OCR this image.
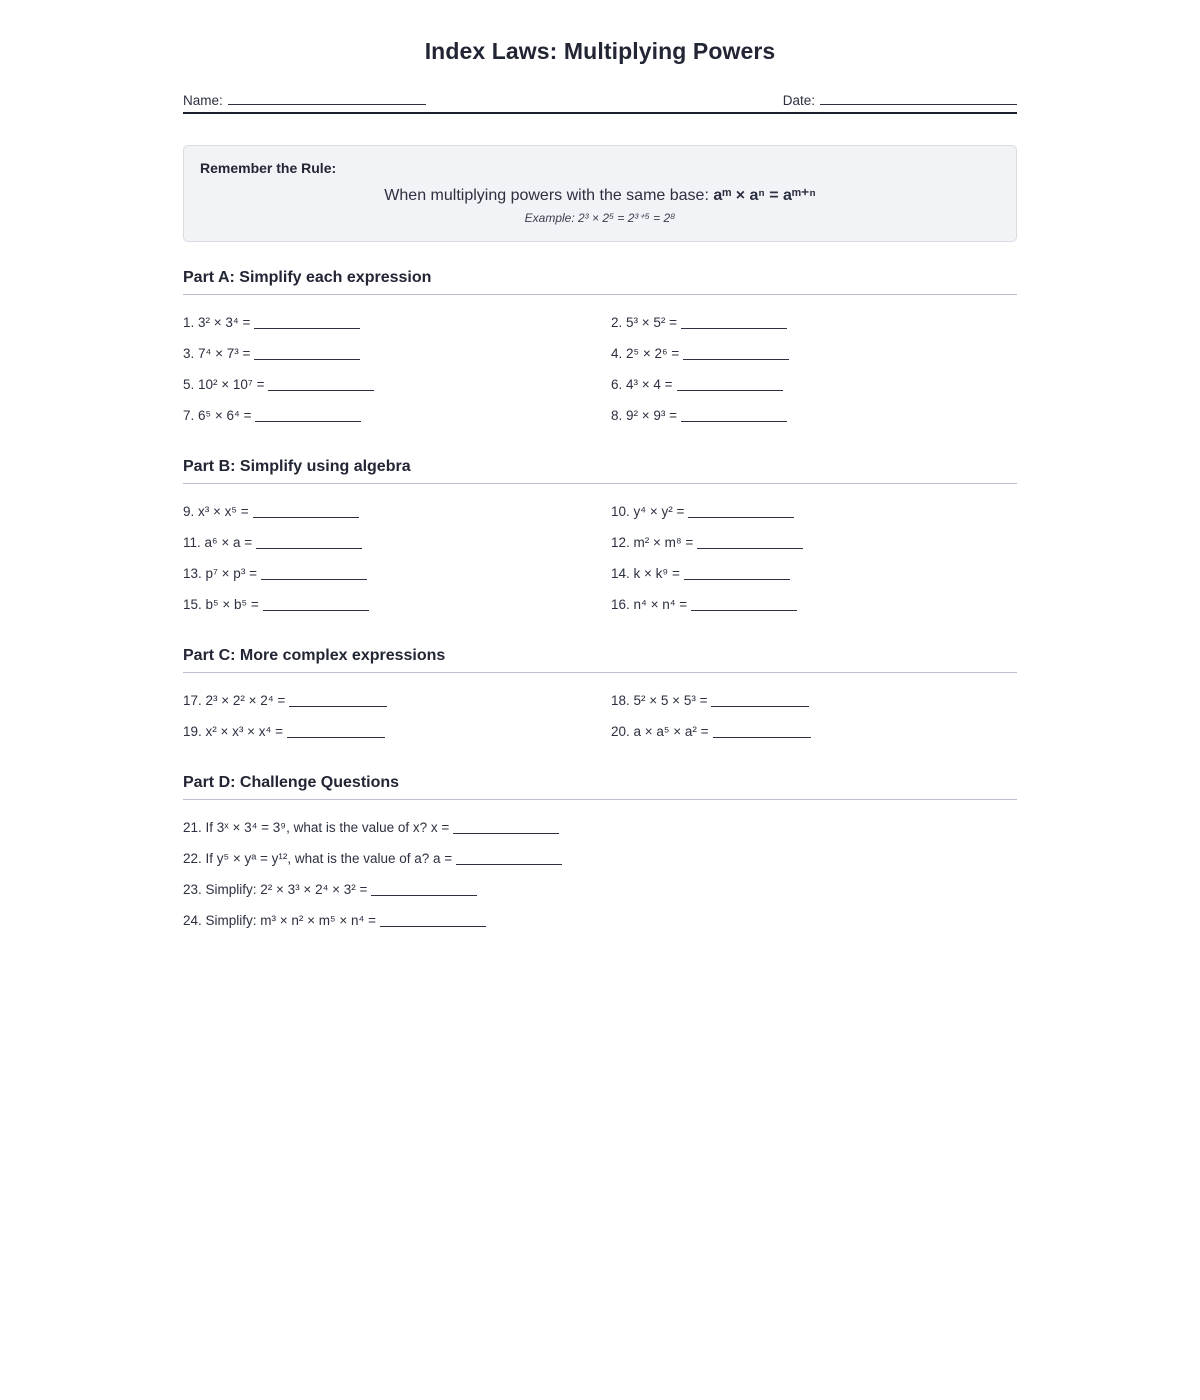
Index Laws: Multiplying Powers
Name:	Date:
Remember the Rule:
When multiplying powers with the same base: aᵐ × aⁿ = aᵐ⁺ⁿ
Example: 2³ × 2⁵ = 2³⁺⁵ = 2⁸
Part A: Simplify each expression
1. 3² × 3⁴ =	2. 5³ × 5² =
3. 7⁴ × 7³ =	4. 2⁵ × 2⁶ =
5. 10² × 10⁷ =	6. 4³ × 4 =
7. 6⁵ × 6⁴ =	8. 9² × 9³ =
Part B: Simplify using algebra
9. x³ × x⁵ =	10. y⁴ × y² =
11. a⁶ × a =	12. m² × m⁸ =
13. p⁷ × p³ =	14. k × k⁹ =
15. b⁵ × b⁵ =	16. n⁴ × n⁴ =
Part C: More complex expressions
17. 2³ × 2² × 2⁴ =	18. 5² × 5 × 5³ =
19. x² × x³ × x⁴ =	20. a × a⁵ × a² =
Part D: Challenge Questions
21. If 3ˣ × 3⁴ = 3⁹, what is the value of x? x =
22. If y⁵ × yᵃ = y¹², what is the value of a? a =
23. Simplify: 2² × 3³ × 2⁴ × 3² =
24. Simplify: m³ × n² × m⁵ × n⁴ =
